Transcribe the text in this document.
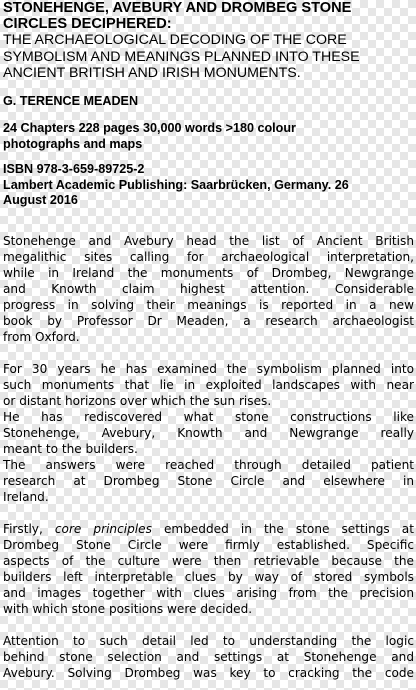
STONEHENGE, AVEBURY AND DROMBEG STONE
CIRCLES DECIPHERED:
THE ARCHAEOLOGICAL DECODING OF THE CORE
SYMBOLISM AND MEANINGS PLANNED INTO THESE
ANCIENT BRITISH AND IRISH MONUMENTS.
G. TERENCE MEADEN
24 Chapters 228 pages 30,000 words >180 colour
photographs and maps
ISBN 978-3-659-89725-2
Lambert Academic Publishing: Saarbrücken, Germany. 26
August 2016
Stonehenge and Avebury head the list of Ancient British
megalithic sites calling for archaeological interpretation,
while in Ireland the monuments of Drombeg, Newgrange
and Knowth claim highest attention. Considerable
progress in solving their meanings is reported in a new
book by Professor Dr Meaden, a research archaeologist
from Oxford.
For 30 years he has examined the symbolism planned into
such monuments that lie in exploited landscapes with near
or distant horizons over which the sun rises.
He has rediscovered what stone constructions like
Stonehenge, Avebury, Knowth and Newgrange really
meant to the builders.
The answers were reached through detailed patient
research at Drombeg Stone Circle and elsewhere in
Ireland.
Firstly, core principles embedded in the stone settings at
Drombeg Stone Circle were firmly established. Specific
aspects of the culture were then retrievable because the
builders left interpretable clues by way of stored symbols
and images together with clues arising from the precision
with which stone positions were decided.
Attention to such detail led to understanding the logic
behind stone selection and settings at Stonehenge and
Avebury. Solving Drombeg was key to cracking the code
